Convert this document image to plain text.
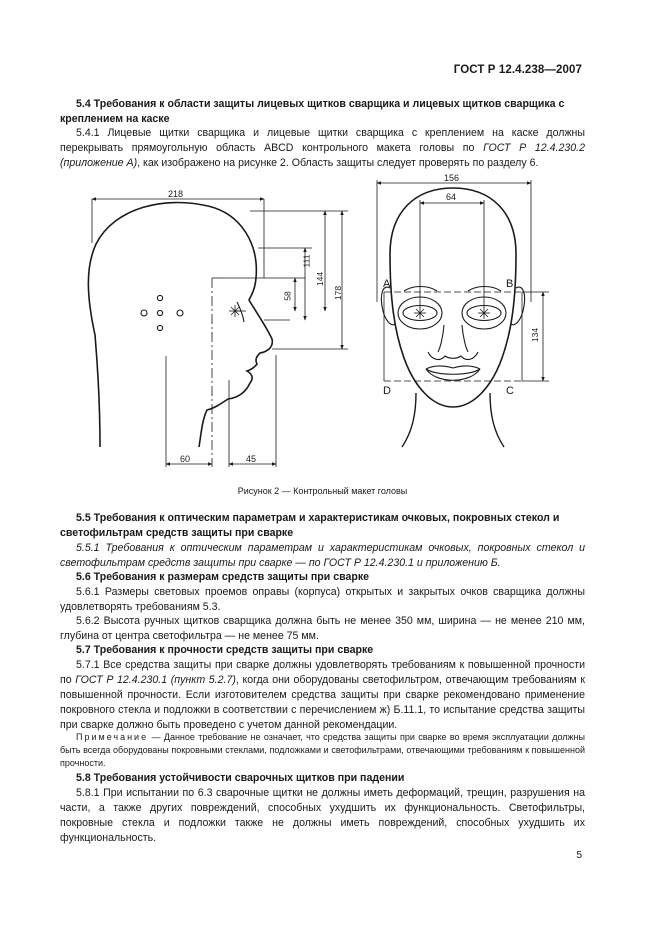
ГОСТ Р 12.4.238—2007
5.4 Требования к области защиты лицевых щитков сварщика и лицевых щитков сварщика с креплением на каске
5.4.1 Лицевые щитки сварщика и лицевые щитки сварщика с креплением на каске должны перекрывать прямоугольную область ABCD контрольного макета головы по ГОСТ Р 12.4.230.2 (приложение А), как изображено на рисунке 2. Область защиты следует проверять по разделу 6.
218
111
58
144
178
60	45
156
64
134
A	B
C
D
Рисунок 2 — Контрольный макет головы
5.5 Требования к оптическим параметрам и характеристикам очковых, покровных стекол и светофильтрам средств защиты при сварке
5.5.1 Требования к оптическим параметрам и характеристикам очковых, покровных стекол и светофильтрам средств защиты при сварке — по ГОСТ Р 12.4.230.1 и приложению Б.
5.6 Требования к размерам средств защиты при сварке
5.6.1 Размеры световых проемов оправы (корпуса) открытых и закрытых очков сварщика должны удовлетворять требованиям 5.3.
5.6.2 Высота ручных щитков сварщика должна быть не менее 350 мм, ширина — не менее 210 мм, глубина от центра светофильтра — не менее 75 мм.
5.7 Требования к прочности средств защиты при сварке
5.7.1 Все средства защиты при сварке должны удовлетворять требованиям к повышенной прочности по ГОСТ Р 12.4.230.1 (пункт 5.2.7), когда они оборудованы светофильтром, отвечающим требованиям к повышенной прочности. Если изготовителем средства защиты при сварке рекомендовано применение покровного стекла и подложки в соответствии с перечислением ж) Б.11.1, то испытание средства защиты при сварке должно быть проведено с учетом данной рекомендации.
Примечание — Данное требование не означает, что средства защиты при сварке во время эксплуатации должны быть всегда оборудованы покровными стеклами, подложками и светофильтрами, отвечающими требованиям к повышенной прочности.
5.8 Требования устойчивости сварочных щитков при падении
5.8.1 При испытании по 6.3 сварочные щитки не должны иметь деформаций, трещин, разрушения на части, а также других повреждений, способных ухудшить их функциональность. Светофильтры, покровные стекла и подложки также не должны иметь повреждений, способных ухудшить их функциональность.
5
